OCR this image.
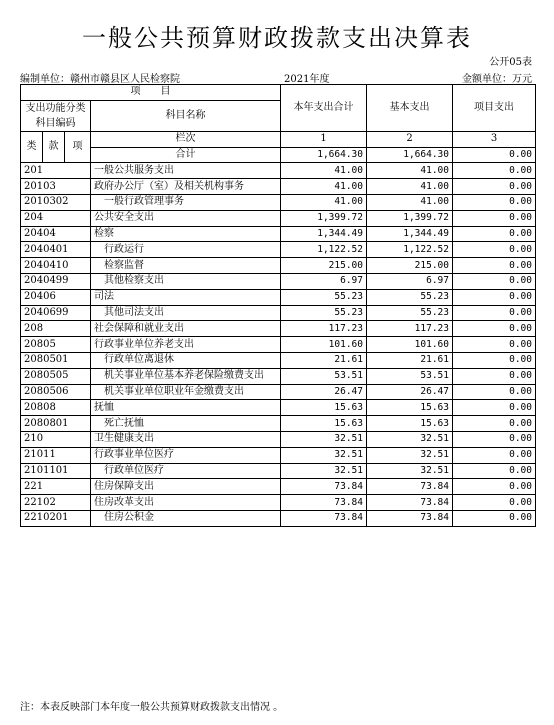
一般公共预算财政拨款支出决算表
公开05表
编制单位：赣州市赣县区人民检察院	2021年度	金额单位：万元
项　　目				本年支出合计	基本支出	项目支出
支出功能分类科目编码			科目名称			

类	款	项	栏次	1	2	3
			合计	1,664.30	1,664.30	0.00
201			一般公共服务支出	41.00	41.00	0.00
20103			政府办公厅（室）及相关机构事务	41.00	41.00	0.00
2010302			　一般行政管理事务	41.00	41.00	0.00
204			公共安全支出	1,399.72	1,399.72	0.00
20404			检察	1,344.49	1,344.49	0.00
2040401			　行政运行	1,122.52	1,122.52	0.00
2040410			　检察监督	215.00	215.00	0.00
2040499			　其他检察支出	6.97	6.97	0.00
20406			司法	55.23	55.23	0.00
2040699			　其他司法支出	55.23	55.23	0.00
208			社会保障和就业支出	117.23	117.23	0.00
20805			行政事业单位养老支出	101.60	101.60	0.00
2080501			　行政单位离退休	21.61	21.61	0.00
2080505			　机关事业单位基本养老保险缴费支出	53.51	53.51	0.00
2080506			　机关事业单位职业年金缴费支出	26.47	26.47	0.00
20808			抚恤	15.63	15.63	0.00
2080801			　死亡抚恤	15.63	15.63	0.00
210			卫生健康支出	32.51	32.51	0.00
21011			行政事业单位医疗	32.51	32.51	0.00
2101101			　行政单位医疗	32.51	32.51	0.00
221			住房保障支出	73.84	73.84	0.00
22102			住房改革支出	73.84	73.84	0.00
2210201			　住房公积金	73.84	73.84	0.00
注：本表反映部门本年度一般公共预算财政拨款支出情况 。
